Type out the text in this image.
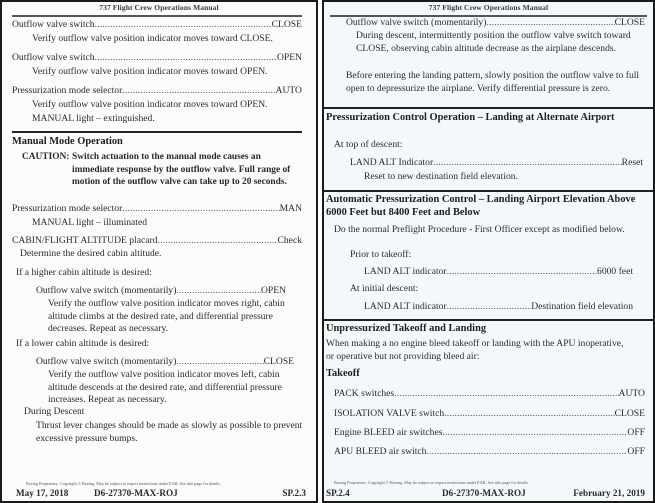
737 Flight Crew Operations Manual
Outflow valve switch .....	CLOSE
Verify outflow valve position indicator moves toward CLOSE.
Outflow valve switch .....	OPEN
Verify outflow valve position indicator moves toward OPEN.
Pressurization mode selector .....	AUTO
Verify outflow valve position indicator moves toward OPEN.
MANUAL light – extinguished.
Manual Mode Operation
CAUTION: Switch actuation to the manual mode causes an immediate response by the outflow valve. Full range of motion of the outflow valve can take up to 20 seconds.
Pressurization mode selector .....	MAN
MANUAL light – illuminated
CABIN/FLIGHT ALTITUDE placard .....	Check
Determine the desired cabin altitude.
If a higher cabin altitude is desired:
Outflow valve switch (momentarily) .....	OPEN
Verify the outflow valve position indicator moves right, cabin altitude climbs at the desired rate, and differential pressure decreases. Repeat as necessary.
If a lower cabin altitude is desired:
Outflow valve switch (momentarily) .....	CLOSE
Verify the outflow valve position indicator moves left, cabin altitude descends at the desired rate, and differential pressure increases. Repeat as necessary.
During Descent
Thrust lever changes should be made as slowly as possible to prevent excessive pressure bumps.
Boeing Proprietary. Copyright © Boeing. May be subject to export restrictions under EAR. See title page for details.
May 17, 2018	D6-27370-MAX-ROJ	SP.2.3
737 Flight Crew Operations Manual
Outflow valve switch (momentarily) .....	CLOSE
During descent, intermittently position the outflow valve switch toward CLOSE, observing cabin altitude decrease as the airplane descends.
Before entering the landing pattern, slowly position the outflow valve to full open to depressurize the airplane. Verify differential pressure is zero.
Pressurization Control Operation – Landing at Alternate Airport
At top of descent:
LAND ALT Indicator .....	Reset
Reset to new destination field elevation.
Automatic Pressurization Control – Landing Airport Elevation Above 6000 Feet but 8400 Feet and Below
Do the normal Preflight Procedure - First Officer except as modified below.
Prior to takeoff:
LAND ALT indicator .....	6000 feet
At initial descent:
LAND ALT indicator .....	Destination field elevation
Unpressurized Takeoff and Landing
When making a no engine bleed takeoff or landing with the APU inoperative, or operative but not providing bleed air:
Takeoff
PACK switches .....	AUTO
ISOLATION VALVE switch .....	CLOSE
Engine BLEED air switches .....	OFF
APU BLEED air switch .....	OFF
Boeing Proprietary. Copyright © Boeing. May be subject to export restrictions under EAR. See title page for details.
SP.2.4	D6-27370-MAX-ROJ	February 21, 2019
